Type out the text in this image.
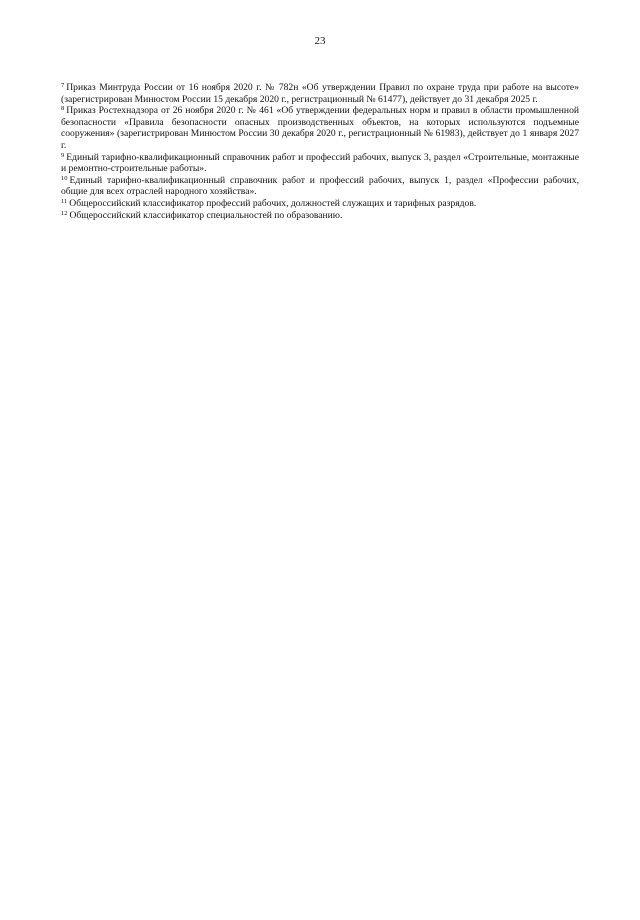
23

$^7$ Приказ Минтруда России от 16 ноября 2020 г. № 782н «Об утверждении Правил по охране труда при работе на высоте» (зарегистрирован Минюстом России 15 декабря 2020 г., регистрационный № 61477), действует до 31 декабря 2025 г.

$^8$ Приказ Ростехнадзора от 26 ноября 2020 г. № 461 «Об утверждении федеральных норм и правил в области промышленной безопасности «Правила безопасности опасных производственных объектов, на которых используются подъемные сооружения» (зарегистрирован Минюстом России 30 декабря 2020 г., регистрационный № 61983), действует до 1 января 2027 г.

$^9$ Единый тарифно-квалификационный справочник работ и профессий рабочих, выпуск 3, раздел «Строительные, монтажные и ремонтно-строительные работы».

$^{10}$ Единый тарифно-квалификационный справочник работ и профессий рабочих, выпуск 1, раздел «Профессии рабочих, общие для всех отраслей народного хозяйства».

$^{11}$ Общероссийский классификатор профессий рабочих, должностей служащих и тарифных разрядов.

$^{12}$ Общероссийский классификатор специальностей по образованию.
